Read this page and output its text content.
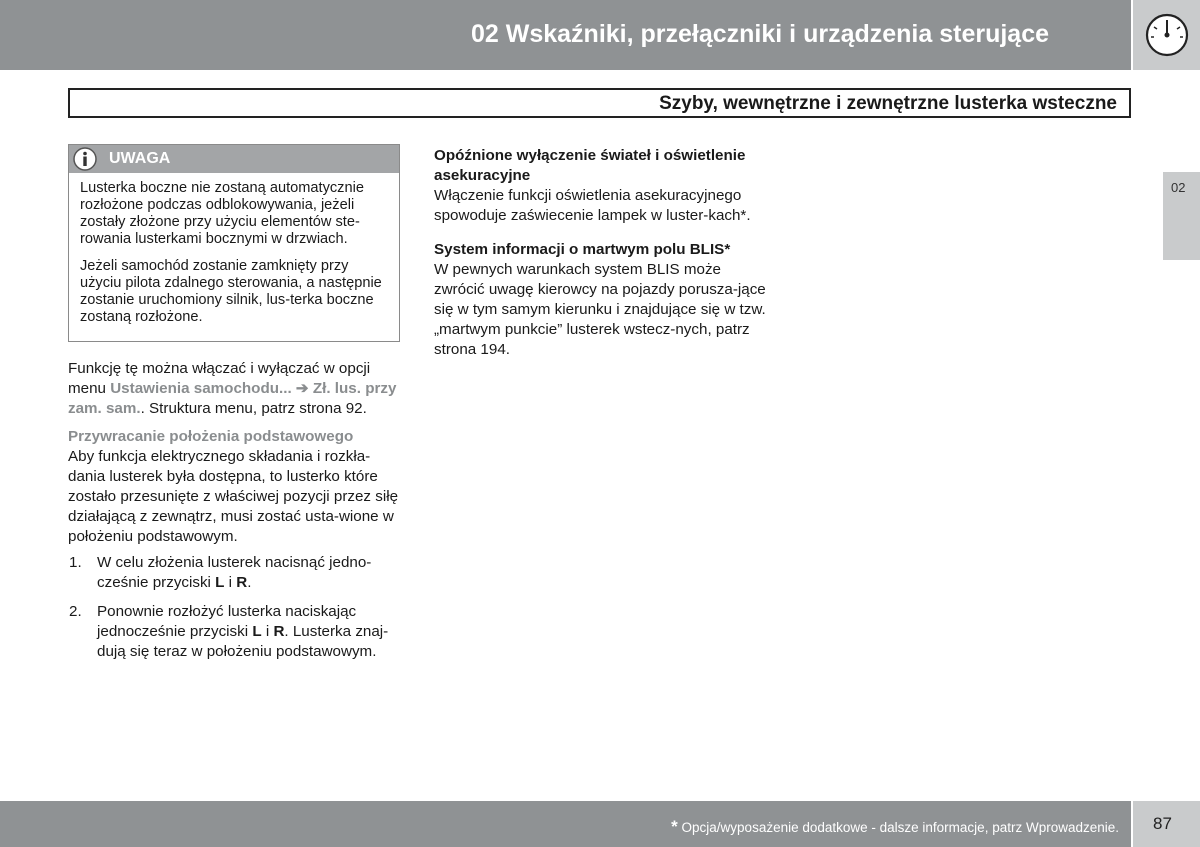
02 Wskaźniki, przełączniki i urządzenia sterujące
Szyby, wewnętrzne i zewnętrzne lusterka wsteczne
02
UWAGA

Lusterka boczne nie zostaną automatycznie rozłożone podczas odblokowywania, jeżeli zostały złożone przy użyciu elementów ste-rowania lusterkami bocznymi w drzwiach.

Jeżeli samochód zostanie zamknięty przy użyciu pilota zdalnego sterowania, a następnie zostanie uruchomiony silnik, lus-terka boczne zostaną rozłożone.

Funkcję tę można włączać i wyłączać w opcji menu Ustawienia samochodu... ➔ Zł. lus. przy zam. sam.. Struktura menu, patrz strona 92.

Przywracanie położenia podstawowego

Aby funkcja elektrycznego składania i rozkła-dania lusterek była dostępna, to lusterko które zostało przesunięte z właściwej pozycji przez siłę działającą z zewnątrz, musi zostać usta-wione w położeniu podstawowym.

1. W celu złożenia lusterek nacisnąć jedno-cześnie przyciski L i R.
2. Ponownie rozłożyć lusterka naciskając jednocześnie przyciski L i R. Lusterka znaj-dują się teraz w położeniu podstawowym.
Opóźnione wyłączenie świateł i oświetlenie asekuracyjne

Włączenie funkcji oświetlenia asekuracyjnego spowoduje zaświecenie lampek w luster-kach*.

System informacji o martwym polu BLIS*

W pewnych warunkach system BLIS może zwrócić uwagę kierowcy na pojazdy porusza-jące się w tym samym kierunku i znajdujące się w tzw. „martwym punkcie” lusterek wstecz-nych, patrz strona 194.

* Opcja/wyposażenie dodatkowe - dalsze informacje, patrz Wprowadzenie. 87
